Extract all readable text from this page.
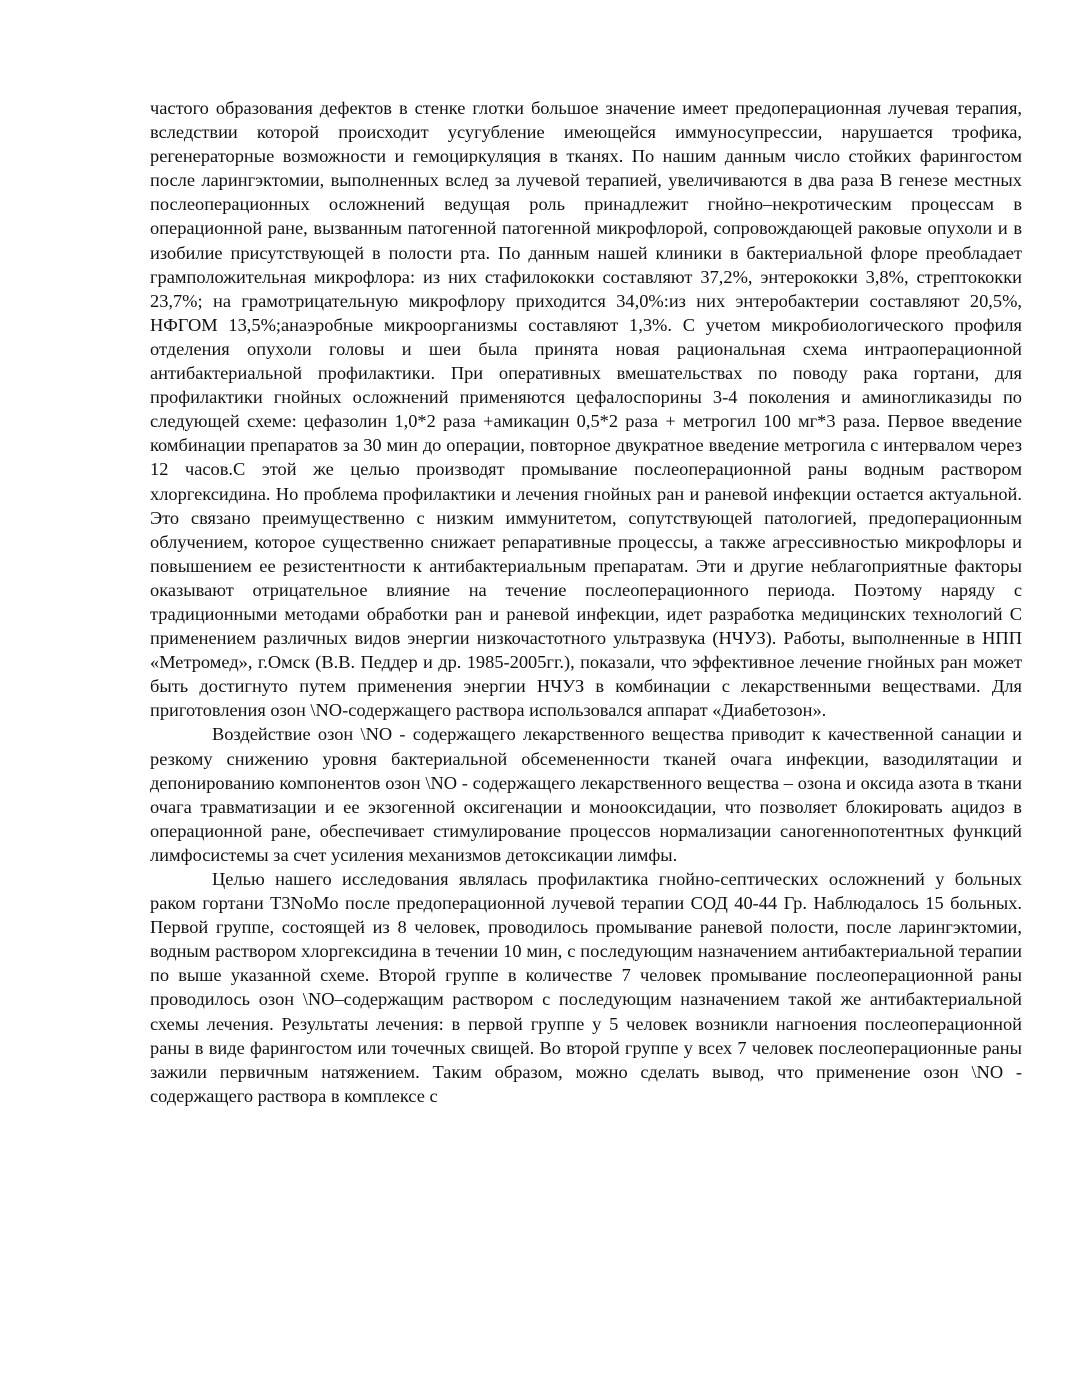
частого образования дефектов в стенке глотки большое значение имеет предоперационная лучевая терапия, вследствии которой происходит усугубление имеющейся иммуносупрессии, нарушается трофика, регенераторные возможности и гемоциркуляция в тканях. По нашим данным число стойких фарингостом после ларингэктомии, выполненных вслед за лучевой терапией, увеличиваются в два раза В генезе местных послеоперационных осложнений ведущая роль принадлежит гнойно–некротическим процессам в операционной ране, вызванным патогенной патогенной микрофлорой, сопровождающей раковые опухоли и в изобилие присутствующей в полости рта. По данным нашей клиники в бактериальной флоре преобладает грамположительная микрофлора: из них стафилококки составляют 37,2%, энтерококки 3,8%, стрептококки 23,7%; на грамотрицательную микрофлору приходится 34,0%:из них энтеробактерии составляют 20,5%, НФГОМ 13,5%;анаэробные микроорганизмы составляют 1,3%. С учетом микробиологического профиля отделения опухоли головы и шеи была принята новая рациональная схема интраоперационной антибактериальной профилактики. При оперативных вмешательствах по поводу рака гортани, для профилактики гнойных осложнений применяются цефалоспорины 3-4 поколения и аминогликазиды по следующей схеме: цефазолин 1,0*2 раза +амикацин 0,5*2 раза + метрогил 100 мг*3 раза. Первое введение комбинации препаратов за 30 мин до операции, повторное двукратное введение метрогила с интервалом через 12 часов.С этой же целью производят промывание послеоперационной раны водным раствором хлоргексидина. Но проблема профилактики и лечения гнойных ран и раневой инфекции остается актуальной. Это связано преимущественно с низким иммунитетом, сопутствующей патологией, предоперационным облучением, которое существенно снижает репаративные процессы, а также агрессивностью микрофлоры и повышением ее резистентности к антибактериальным препаратам. Эти и другие неблагоприятные факторы оказывают отрицательное влияние на течение послеоперационного периода. Поэтому наряду с традиционными методами обработки ран и раневой инфекции, идет разработка медицинских технологий С применением различных видов энергии низкочастотного ультразвука (НЧУЗ). Работы, выполненные в НПП «Метромед», г.Омск (В.В. Педдер и др. 1985-2005гг.), показали, что эффективное лечение гнойных ран может быть достигнуто путем применения энергии НЧУЗ в комбинации с лекарственными веществами. Для приготовления озон \NO-содержащего раствора использовался аппарат «Диабетозон».

Воздействие озон \NO - содержащего лекарственного вещества приводит к качественной санации и резкому снижению уровня бактериальной обсемененности тканей очага инфекции, вазодилятации и депонированию компонентов озон \NO - содержащего лекарственного вещества – озона и оксида азота в ткани очага травматизации и ее экзогенной оксигенации и монооксидации, что позволяет блокировать ацидоз в операционной ране, обеспечивает стимулирование процессов нормализации саногеннопотентных функций лимфосистемы за счет усиления механизмов детоксикации лимфы.

Целью нашего исследования являлась профилактика гнойно-септических осложнений у больных раком гортани T3NoMo после предоперационной лучевой терапии СОД 40-44 Гр. Наблюдалось 15 больных. Первой группе, состоящей из 8 человек, проводилось промывание раневой полости, после ларингэктомии, водным раствором хлоргексидина в течении 10 мин, с последующим назначением антибактериальной терапии по выше указанной схеме. Второй группе в количестве 7 человек промывание послеоперационной раны проводилось озон \NO–содержащим раствором с последующим назначением такой же антибактериальной схемы лечения. Результаты лечения: в первой группе у 5 человек возникли нагноения послеоперационной раны в виде фарингостом или точечных свищей. Во второй группе у всех 7 человек послеоперационные раны зажили первичным натяжением. Таким образом, можно сделать вывод, что применение озон \NO - содержащего раствора в комплексе с
